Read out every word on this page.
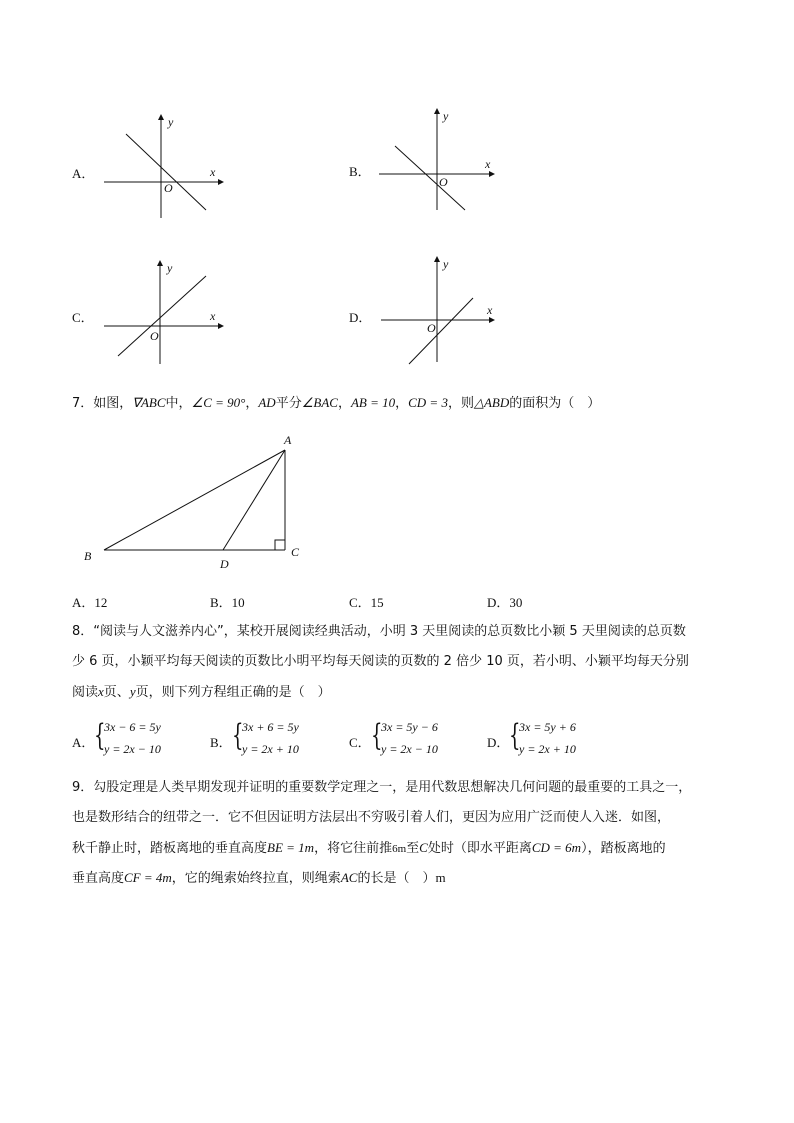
A．	x
y
O
B．	x
y
O
C．	x
y
O
D．	x
y
O
7．如图，∇ABC中，∠C = 90°，AD平分∠BAC，AB = 10，CD = 3，则△ABD的面积为（　）
A
B	C
D
A．12	B．10	C．15	D．30
8．“阅读与人文滋养内心”，某校开展阅读经典活动，小明 3 天里阅读的总页数比小颖 5 天里阅读的总页数
少 6 页，小颖平均每天阅读的页数比小明平均每天阅读的页数的 2 倍少 10 页，若小明、小颖平均每天分别
阅读x页、y页，则下列方程组正确的是（　）
A． {
3x − 6 = 5y
y = 2x − 10	B． {
3x + 6 = 5y
y = 2x + 10	C． {
3x = 5y − 6
y = 2x − 10	D． {
3x = 5y + 6
y = 2x + 10
9．勾股定理是人类早期发现并证明的重要数学定理之一，是用代数思想解决几何问题的最重要的工具之一，
也是数形结合的纽带之一．它不但因证明方法层出不穷吸引着人们，更因为应用广泛而使人入迷．如图，
秋千静止时，踏板离地的垂直高度BE = 1m，将它往前推6m至C处时（即水平距离CD = 6m），踏板离地的
垂直高度CF = 4m，它的绳索始终拉直，则绳索AC的长是（　）m
